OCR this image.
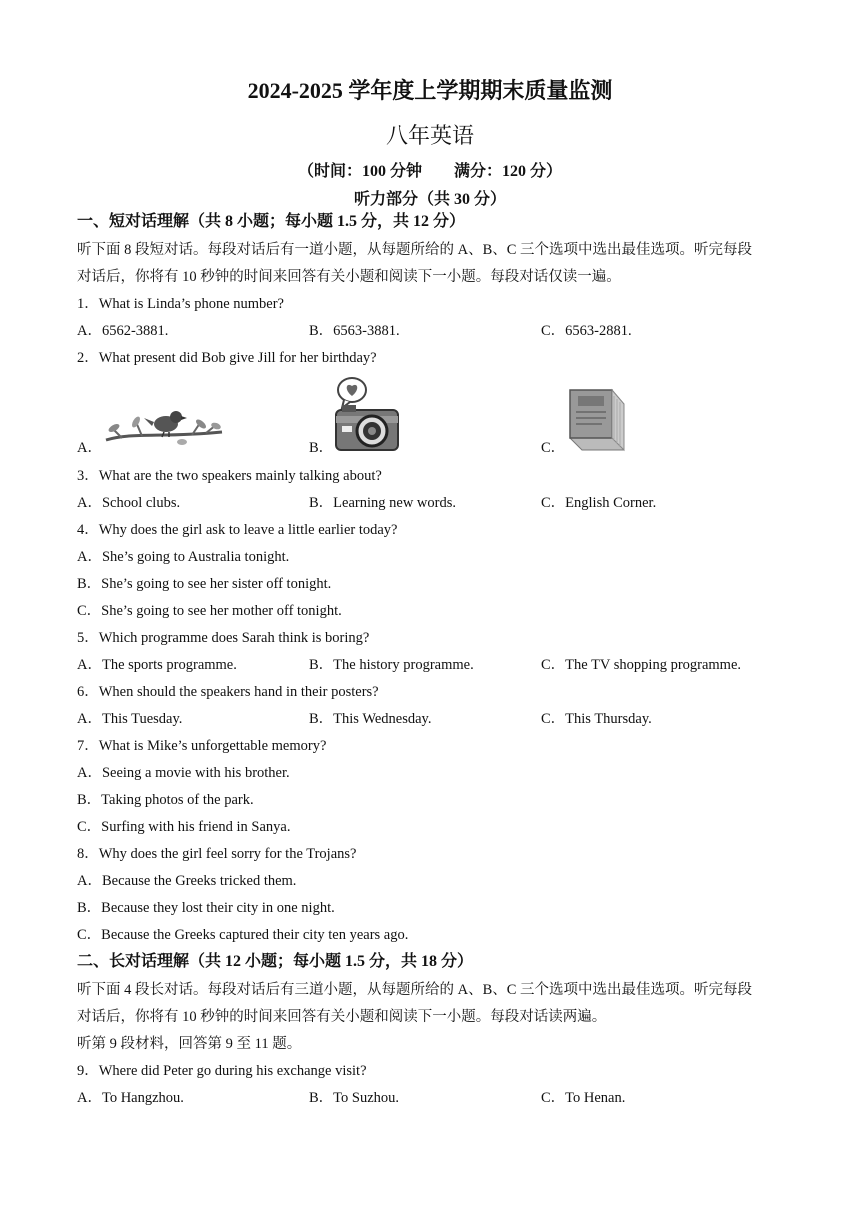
2024-2025 学年度上学期期末质量监测
八年英语
（时间：100 分钟　　满分：120 分）
听力部分（共 30 分）
一、短对话理解（共 8 小题；每小题 1.5 分，共 12 分）
听下面 8 段短对话。每段对话后有一道小题，从每题所给的 A、B、C 三个选项中选出最佳选项。听完每段
对话后，你将有 10 秒钟的时间来回答有关小题和阅读下一小题。每段对话仅读一遍。
1．What is Linda’s phone number?
A．6562-3881.	B．6563-3881.	C．6563-2881.
2．What present did Bob give Jill for her birthday?
A．	B．	C．
3．What are the two speakers mainly talking about?
A．School clubs.	B．Learning new words.	C．English Corner.
4．Why does the girl ask to leave a little earlier today?
A．She’s going to Australia tonight.
B．She’s going to see her sister off tonight.
C．She’s going to see her mother off tonight.
5．Which programme does Sarah think is boring?
A．The sports programme.	B．The history programme.	C．The TV shopping programme.
6．When should the speakers hand in their posters?
A．This Tuesday.	B．This Wednesday.	C．This Thursday.
7．What is Mike’s unforgettable memory?
A．Seeing a movie with his brother.
B．Taking photos of the park.
C．Surfing with his friend in Sanya.
8．Why does the girl feel sorry for the Trojans?
A．Because the Greeks tricked them.
B．Because they lost their city in one night.
C．Because the Greeks captured their city ten years ago.
二、长对话理解（共 12 小题；每小题 1.5 分，共 18 分）
听下面 4 段长对话。每段对话后有三道小题，从每题所给的 A、B、C 三个选项中选出最佳选项。听完每段
对话后，你将有 10 秒钟的时间来回答有关小题和阅读下一小题。每段对话读两遍。
听第 9 段材料，回答第 9 至 11 题。
9．Where did Peter go during his exchange visit?
A．To Hangzhou.	B．To Suzhou.	C．To Henan.
